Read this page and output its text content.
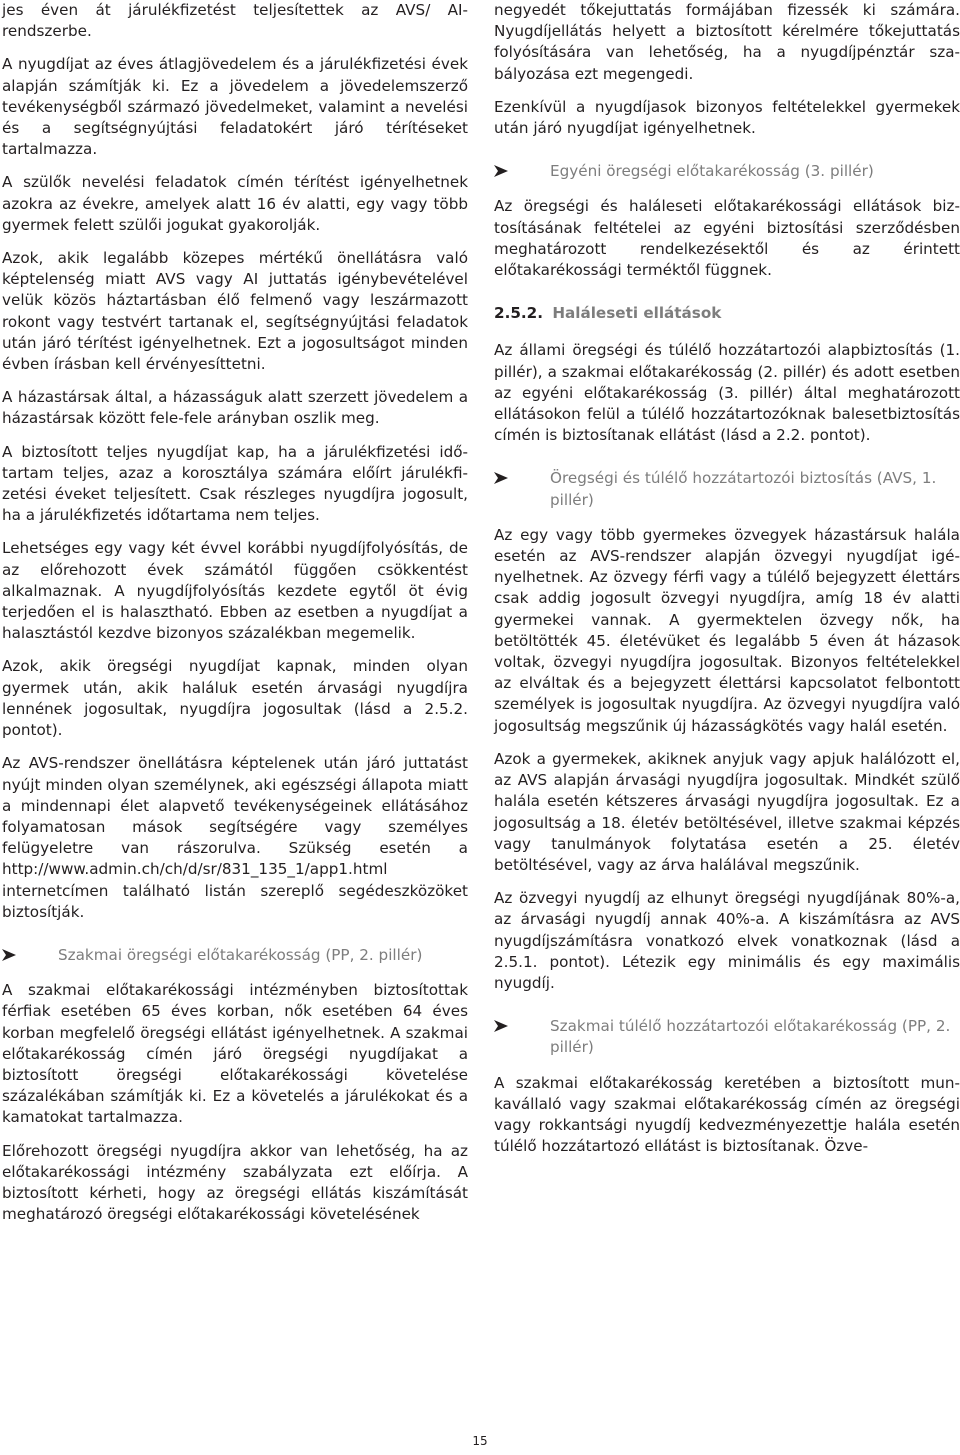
jes éven át járulékfizetést teljesítettek az AVS/ AI-rendszerbe.

A nyugdíjat az éves átlagjövedelem és a járulékfizetési évek alapján számítják ki. Ez a jövedelem a jövedelemszerző tevékenységből származó jövedelmeket, valamint a nevelési és a segítségnyújtási feladatokért járó térítéseket tartalmazza.

A szülők nevelési feladatok címén térítést igényelhetnek azokra az évekre, amelyek alatt 16 év alatti, egy vagy több gyermek felett szülői jogukat gyakorolják.

Azok, akik legalább közepes mértékű önellátásra való képtelenség miatt AVS vagy AI juttatás igénybevételével velük közös háztartásban élő felmenő vagy leszármazott rokont vagy testvért tartanak el, segítségnyújtási feladatok után járó térítést igényelhetnek. Ezt a jogosultságot minden évben írásban kell érvényesíttetni.

A házastársak által, a házasságuk alatt szerzett jövedelem a házastársak között fele-fele arányban oszlik meg.

A biztosított teljes nyugdíjat kap, ha a járulékfizetési időtartam teljes, azaz a korosztálya számára előírt járulékfizetési éveket teljesített. Csak részleges nyugdíjra jogosult, ha a járulékfizetés időtartama nem teljes.

Lehetséges egy vagy két évvel korábbi nyugdíjfolyósítás, de az előrehozott évek számától függően csökkentést alkalmaznak. A nyugdíjfolyósítás kezdete egytől öt évig terjedően el is halasztható. Ebben az esetben a nyugdíjat a halasztástól kezdve bizonyos százalékban megemelik.

Azok, akik öregségi nyugdíjat kapnak, minden olyan gyermek után, akik haláluk esetén árvasági nyugdíjra lennének jogosultak, nyugdíjra jogosultak (lásd a 2.5.2. pontot).

Az AVS-rendszer önellátásra képtelenek után járó juttatást nyújt minden olyan személynek, aki egészségi állapota miatt a mindennapi élet alapvető tevékenységeinek ellátásához folyamatosan mások segítségére vagy személyes felügyeletre van rászorulva. Szükség esetén a http://www.admin.ch/ch/d/sr/831_135_1/app1.html internetcímen található listán szereplő segédeszközöket biztosítják.

Szakmai öregségi előtakarékosság (PP, 2. pillér)

A szakmai előtakarékossági intézményben biztosítottak férfiak esetében 65 éves korban, nők esetében 64 éves korban megfelelő öregségi ellátást igényelhetnek. A szakmai előtakarékosság címén járó öregségi nyugdíjakat a biztosított öregségi előtakarékossági követelése százalékában számítják ki. Ez a követelés a járulékokat és a kamatokat tartalmazza.

Előrehozott öregségi nyugdíjra akkor van lehetőség, ha az előtakarékossági intézmény szabályzata ezt előírja. A biztosított kérheti, hogy az öregségi ellátás kiszámítását meghatározó öregségi előtakarékossági követelésének

negyedét tőkejuttatás formájában fizessék ki számára. Nyugdíjellátás helyett a biztosított kérelmére tőkejuttatás folyósítására van lehetőség, ha a nyugdíjpénztár szabályozása ezt megengedi.

Ezenkívül a nyugdíjasok bizonyos feltételekkel gyermekek után járó nyugdíjat igényelhetnek.

Egyéni öregségi előtakarékosság (3. pillér)

Az öregségi és haláleseti előtakarékossági ellátások biztosításának feltételei az egyéni biztosítási szerződésben meghatározott rendelkezésektől és az érintett előtakarékossági terméktől függnek.

2.5.2. Haláleseti ellátások

Az állami öregségi és túlélő hozzátartozói alapbiztosítás (1. pillér), a szakmai előtakarékosság (2. pillér) és adott esetben az egyéni előtakarékosság (3. pillér) által meghatározott ellátásokon felül a túlélő hozzátartozóknak balesetbiztosítás címén is biztosítanak ellátást (lásd a 2.2. pontot).

Öregségi és túlélő hozzátartozói biztosítás (AVS, 1. pillér)

Az egy vagy több gyermekes özvegyek házastársuk halála esetén az AVS-rendszer alapján özvegyi nyugdíjat igényelhetnek. Az özvegy férfi vagy a túlélő bejegyzett élettárs csak addig jogosult özvegyi nyugdíjra, amíg 18 év alatti gyermekei vannak. A gyermektelen özvegy nők, ha betöltötték 45. életévüket és legalább 5 éven át házasok voltak, özvegyi nyugdíjra jogosultak. Bizonyos feltételekkel az elváltak és a bejegyzett élettársi kapcsolatot felbontott személyek is jogosultak nyugdíjra. Az özvegyi nyugdíjra való jogosultság megszűnik új házasságkötés vagy halál esetén.

Azok a gyermekek, akiknek anyjuk vagy apjuk halálózott el, az AVS alapján árvasági nyugdíjra jogosultak. Mindkét szülő halála esetén kétszeres árvasági nyugdíjra jogosultak. Ez a jogosultság a 18. életév betöltésével, illetve szakmai képzés vagy tanulmányok folytatása esetén a 25. életév betöltésével, vagy az árva halálával megszűnik.

Az özvegyi nyugdíj az elhunyt öregségi nyugdíjának 80%-a, az árvasági nyugdíj annak 40%-a. A kiszámításra az AVS nyugdíjszámításra vonatkozó elvek vonatkoznak (lásd a 2.5.1. pontot). Létezik egy minimális és egy maximális nyugdíj.

Szakmai túlélő hozzátartozói előtakarékosság (PP, 2. pillér)

A szakmai előtakarékosság keretében a biztosított munkavállaló vagy szakmai előtakarékosság címén az öregségi vagy rokkantsági nyugdíj kedvezményezettje halála esetén túlélő hozzátartozó ellátást is biztosítanak. Özve-

15
